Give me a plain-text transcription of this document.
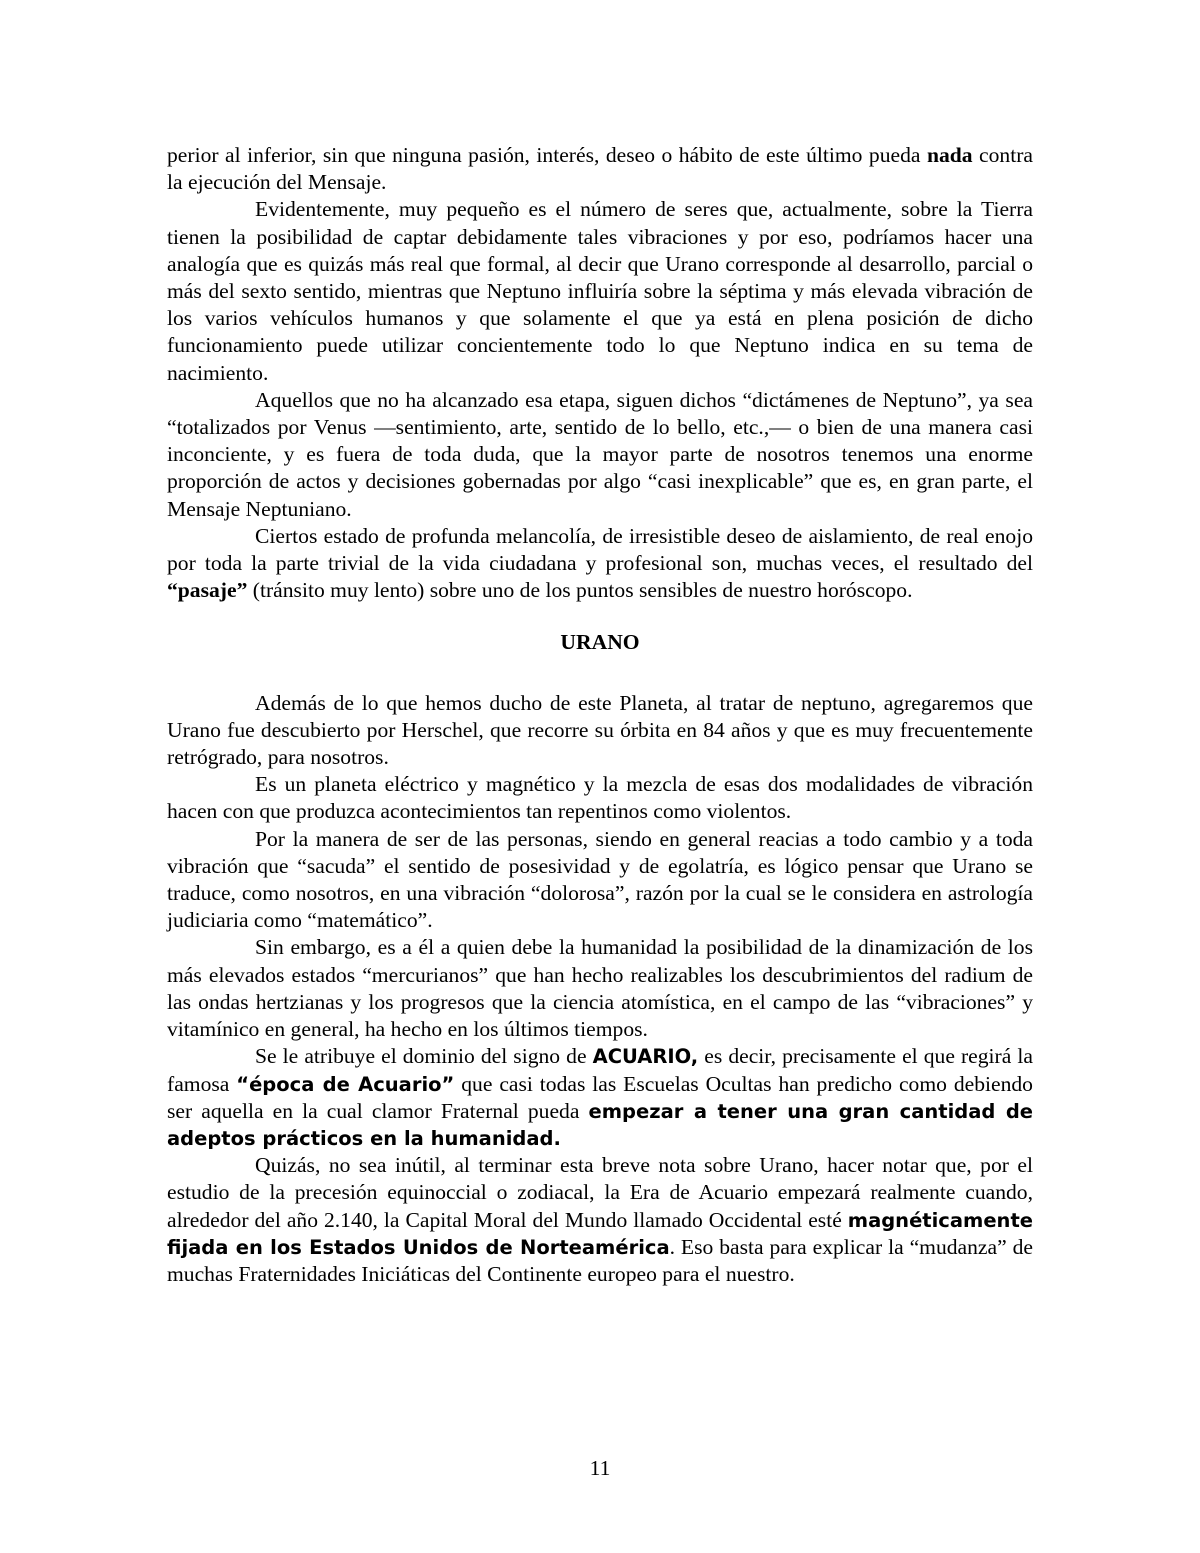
perior al inferior, sin que ninguna pasión, interés, deseo o hábito de este último pueda nada contra la ejecución del Mensaje.

Evidentemente, muy pequeño es el número de seres que, actualmente, sobre la Tierra tienen la posibilidad de captar debidamente tales vibraciones y por eso, podríamos hacer una analogía que es quizás más real que formal, al decir que Urano corresponde al desarrollo, parcial o más del sexto sentido, mientras que Neptuno influiría sobre la séptima y más elevada vibración de los varios vehículos humanos y que solamente el que ya está en plena posición de dicho funcionamiento puede utilizar concientemente todo lo que Neptuno indica en su tema de nacimiento.

Aquellos que no ha alcanzado esa etapa, siguen dichos “dictámenes de Neptuno”, ya sea “totalizados por Venus —sentimiento, arte, sentido de lo bello, etc.,— o bien de una manera casi inconciente, y es fuera de toda duda, que la mayor parte de nosotros tenemos una enorme proporción de actos y decisiones gobernadas por algo “casi inexplicable” que es, en gran parte, el Mensaje Neptuniano.

Ciertos estado de profunda melancolía, de irresistible deseo de aislamiento, de real enojo por toda la parte trivial de la vida ciudadana y profesional son, muchas veces, el resultado del “pasaje” (tránsito muy lento) sobre uno de los puntos sensibles de nuestro horóscopo.

URANO

Además de lo que hemos ducho de este Planeta, al tratar de neptuno, agregaremos que Urano fue descubierto por Herschel, que recorre su órbita en 84 años y que es muy frecuentemente retrógrado, para nosotros.

Es un planeta eléctrico y magnético y la mezcla de esas dos modalidades de vibración hacen con que produzca acontecimientos tan repentinos como violentos.

Por la manera de ser de las personas, siendo en general reacias a todo cambio y a toda vibración que “sacuda” el sentido de posesividad y de egolatría, es lógico pensar que Urano se traduce, como nosotros, en una vibración “dolorosa”, razón por la cual se le considera en astrología judiciaria como “matemático”.

Sin embargo, es a él a quien debe la humanidad la posibilidad de la dinamización de los más elevados estados “mercurianos” que han hecho realizables los descubrimientos del radium de las ondas hertzianas y los progresos que la ciencia atomística, en el campo de las “vibraciones” y vitamínico en general, ha hecho en los últimos tiempos.

Se le atribuye el dominio del signo de ACUARIO, es decir, precisamente el que regirá la famosa “época de Acuario” que casi todas las Escuelas Ocultas han predicho como debiendo ser aquella en la cual clamor Fraternal pueda empezar a tener una gran cantidad de adeptos prácticos en la humanidad.

Quizás, no sea inútil, al terminar esta breve nota sobre Urano, hacer notar que, por el estudio de la precesión equinoccial o zodiacal, la Era de Acuario empezará realmente cuando, alrededor del año 2.140, la Capital Moral del Mundo llamado Occidental esté magnéticamente fijada en los Estados Unidos de Norteamérica. Eso basta para explicar la “mudanza” de muchas Fraternidades Iniciáticas del Continente europeo para el nuestro.

11
